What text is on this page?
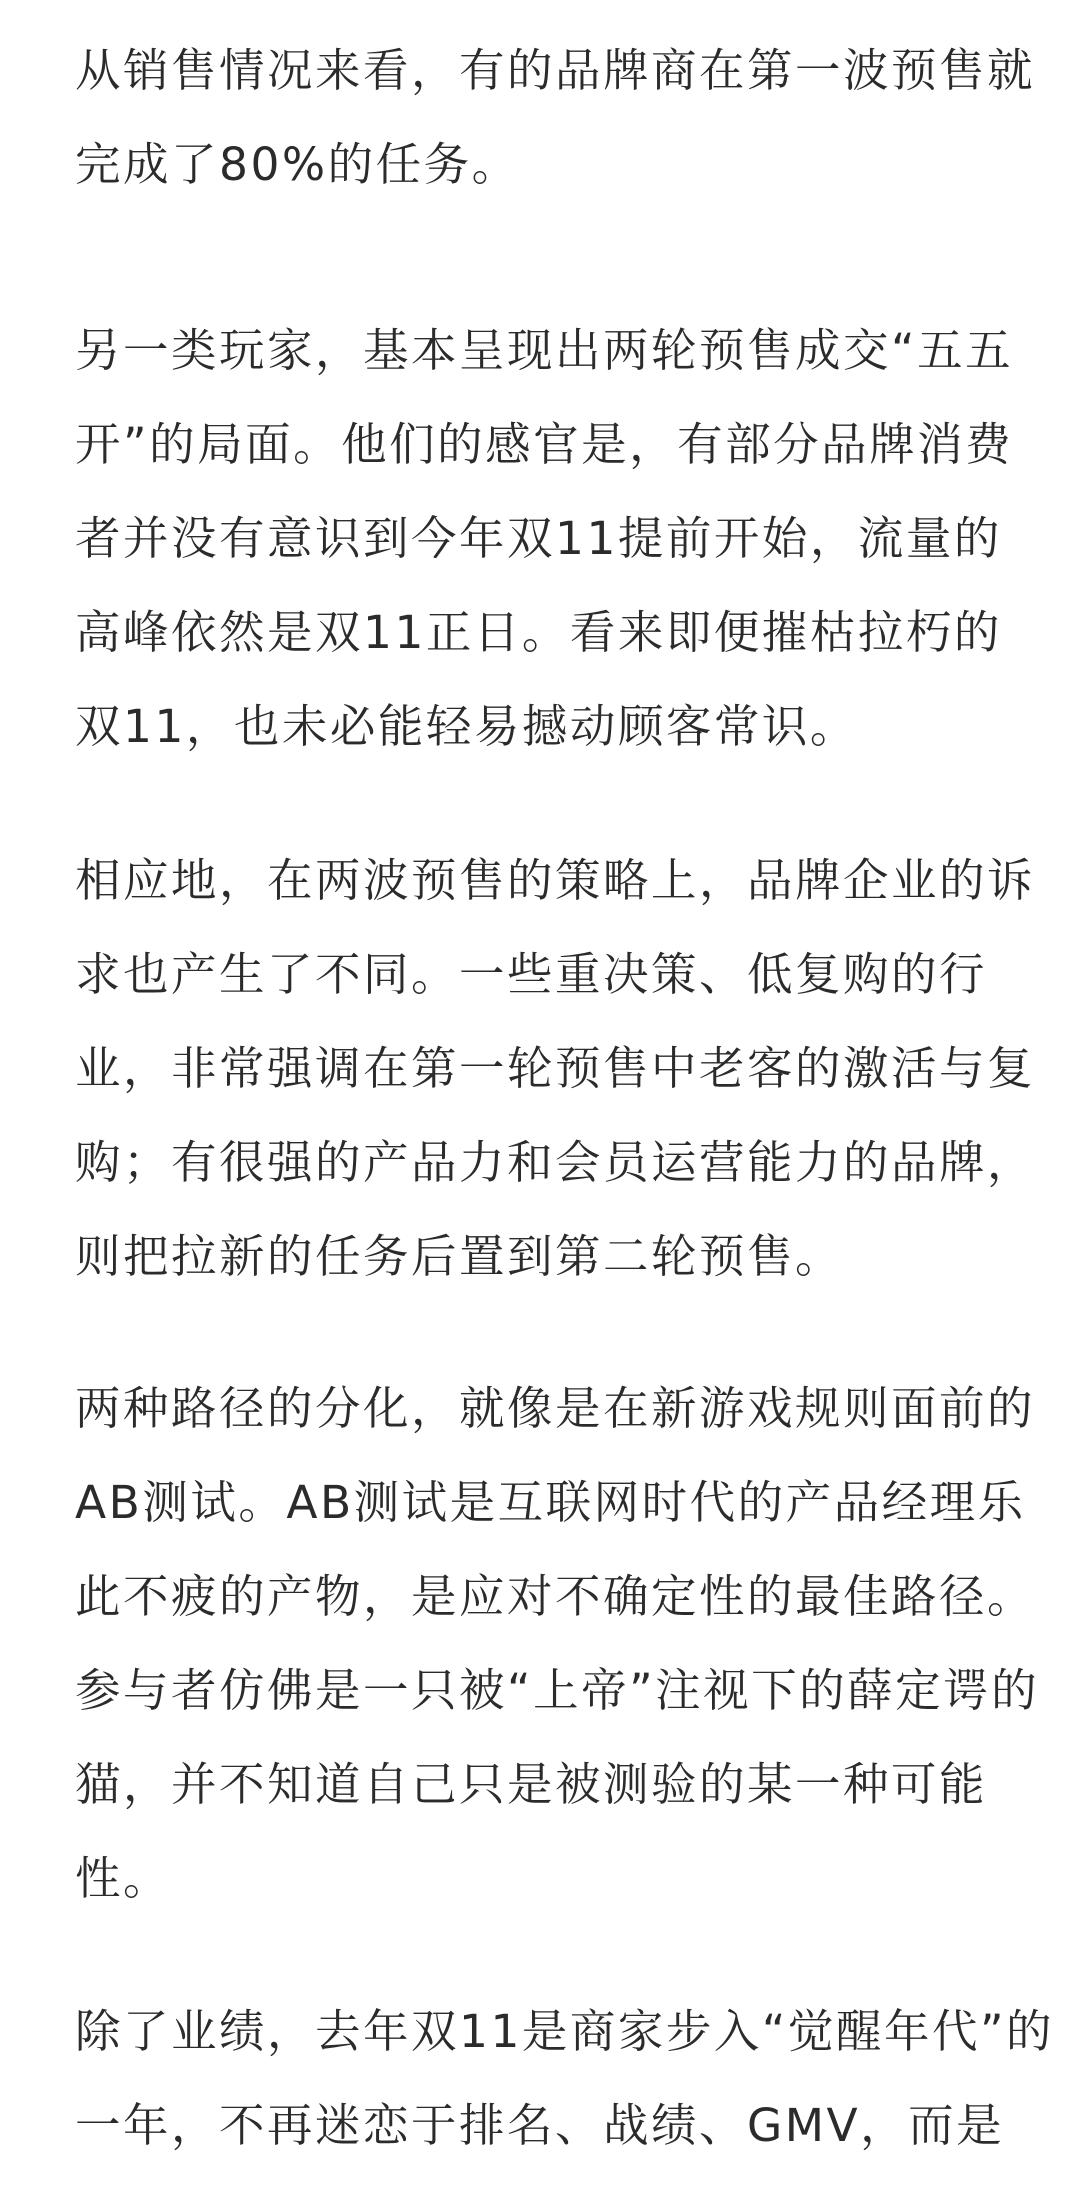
从销售情况来看，有的品牌商在第一波预售就
完成了80%的任务。

另一类玩家，基本呈现出两轮预售成交“五五
开”的局面。他们的感官是，有部分品牌消费
者并没有意识到今年双11提前开始，流量的
高峰依然是双11正日。看来即便摧枯拉朽的
双11，也未必能轻易撼动顾客常识。

相应地，在两波预售的策略上，品牌企业的诉
求也产生了不同。一些重决策、低复购的行
业，非常强调在第一轮预售中老客的激活与复
购；有很强的产品力和会员运营能力的品牌，
则把拉新的任务后置到第二轮预售。

两种路径的分化，就像是在新游戏规则面前的
AB测试。AB测试是互联网时代的产品经理乐
此不疲的产物，是应对不确定性的最佳路径。
参与者仿佛是一只被“上帝”注视下的薛定谔的
猫，并不知道自己只是被测验的某一种可能
性。

除了业绩，去年双11是商家步入“觉醒年代”的
一年，不再迷恋于排名、战绩、GMV，而是
